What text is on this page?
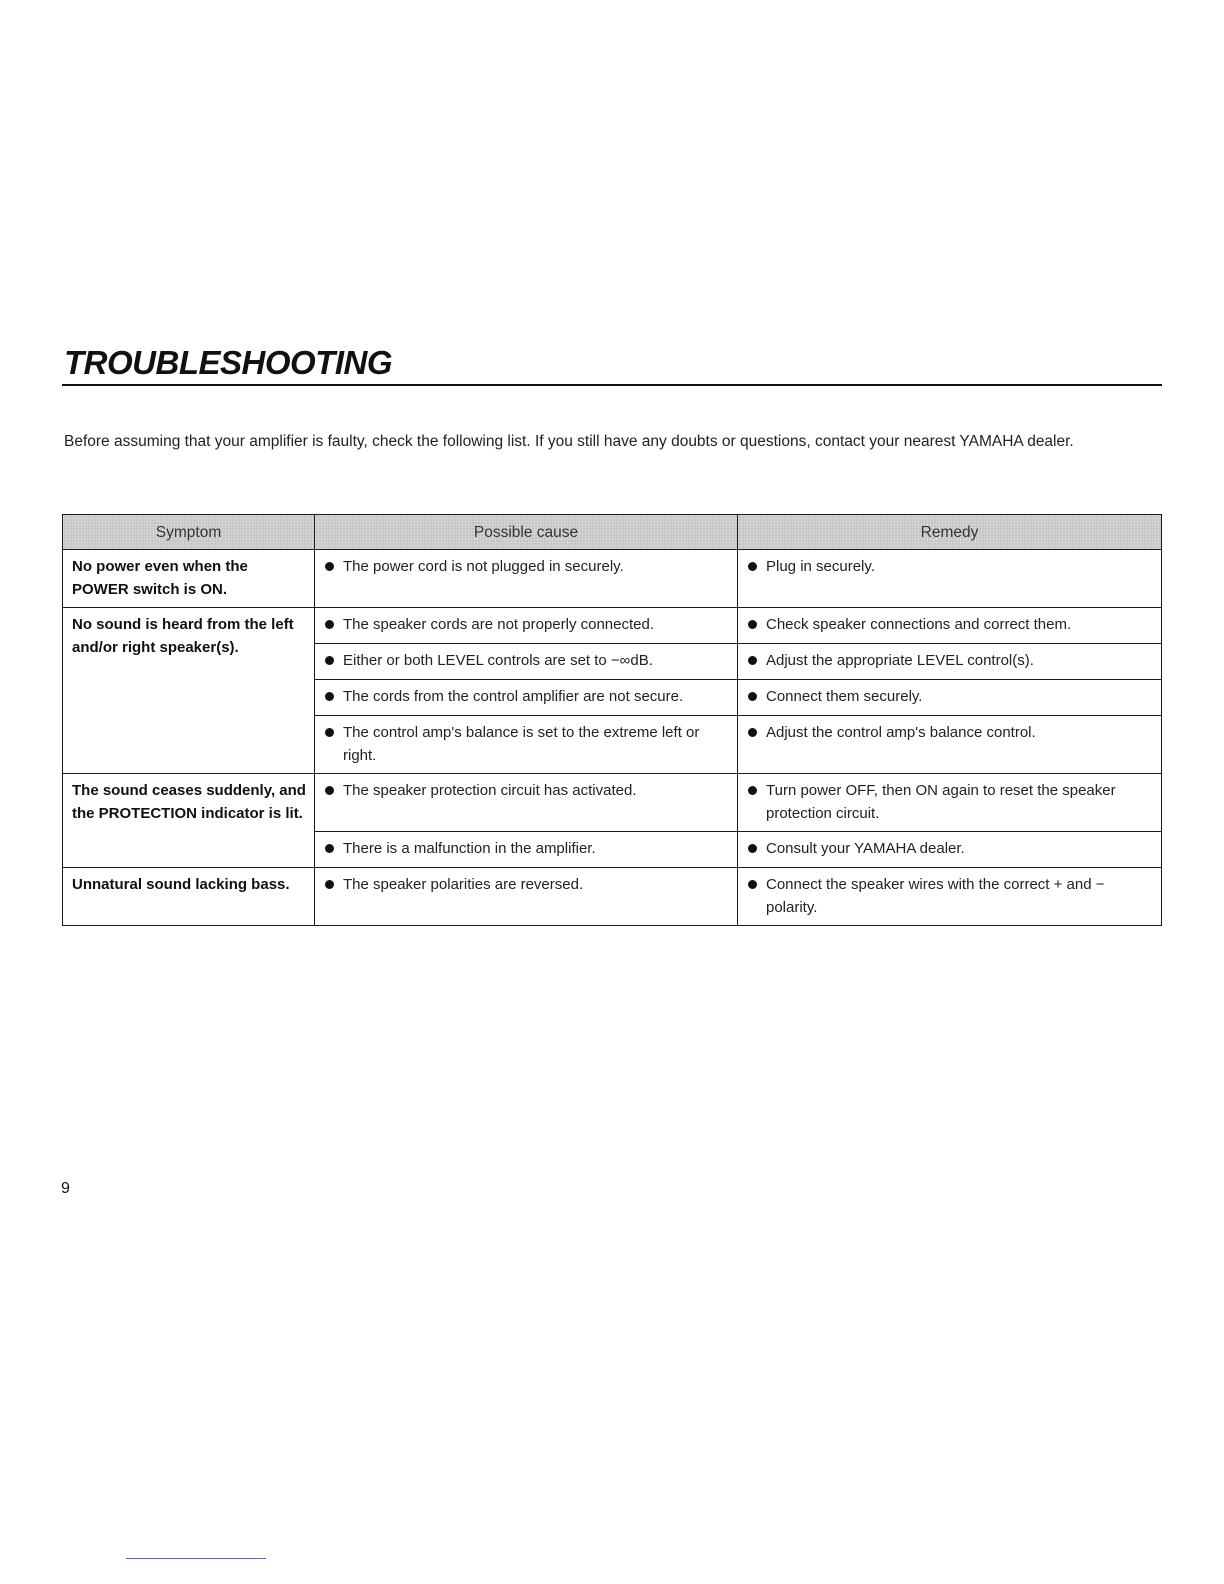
TROUBLESHOOTING

Before assuming that your amplifier is faulty, check the following list. If you still have any doubts or questions, contact your nearest YAMAHA dealer.

Symptom	Possible cause	Remedy
No power even when the POWER switch is ON.	The power cord is not plugged in securely.	Plug in securely.

No sound is heard from the left and/or right speaker(s).	The speaker cords are not properly connected.	Check speaker connections and correct them.

	Either or both LEVEL controls are set to −∞dB.	Adjust the appropriate LEVEL control(s).

	The cords from the control amplifier are not secure.	Connect them securely.

	The control amp's balance is set to the extreme left or right.	Adjust the control amp's balance control.

The sound ceases suddenly, and the PROTECTION indicator is lit.	The speaker protection circuit has activated.	Turn power OFF, then ON again to reset the speaker protection circuit.

	There is a malfunction in the amplifier.	Consult your YAMAHA dealer.

Unnatural sound lacking bass.	The speaker polarities are reversed.	Connect the speaker wires with the correct + and − polarity.

9
